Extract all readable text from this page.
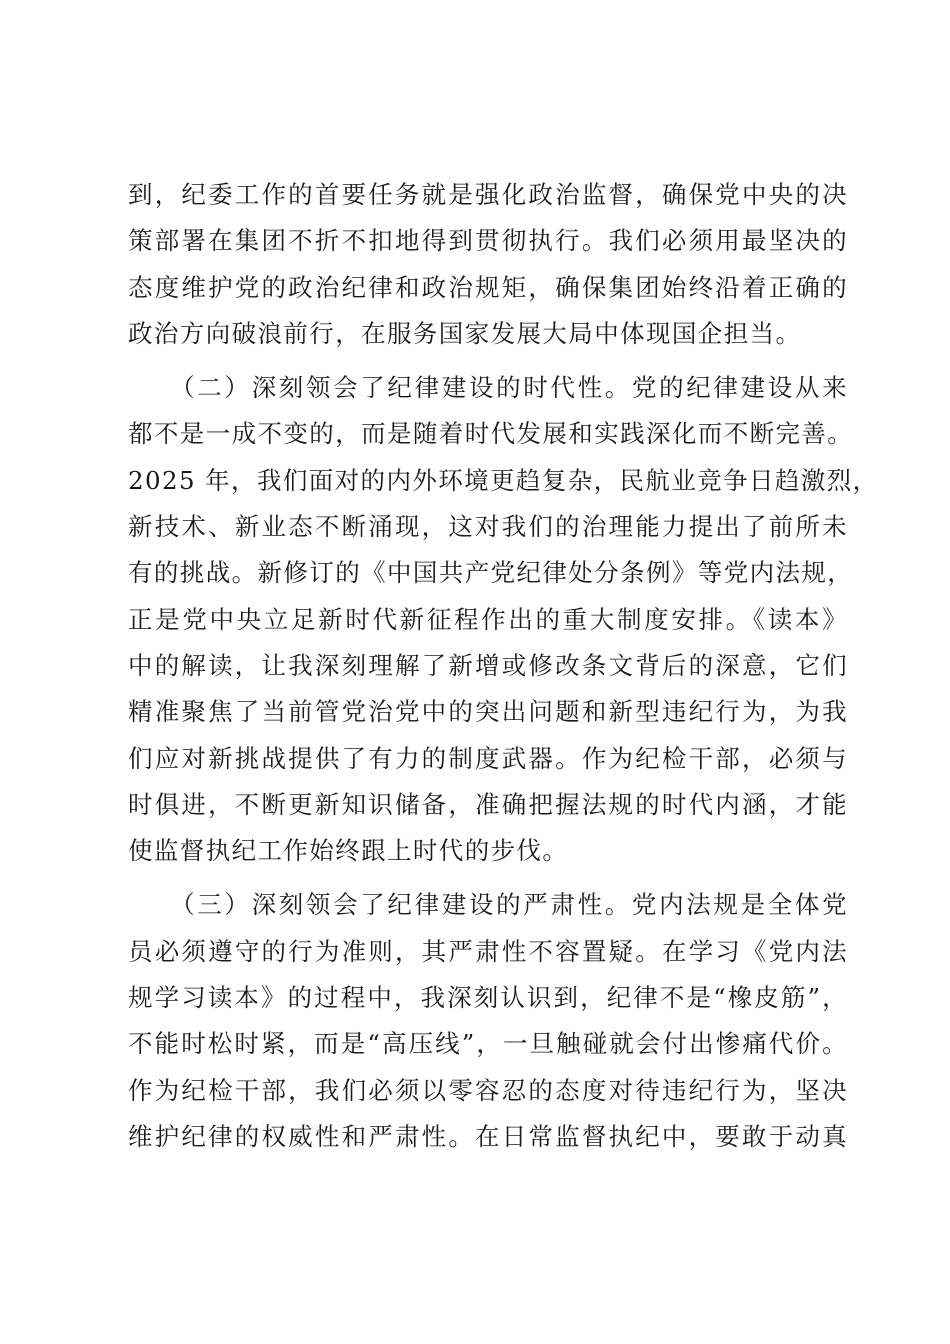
到，纪委工作的首要任务就是强化政治监督，确保党中央的决
策部署在集团不折不扣地得到贯彻执行。我们必须用最坚决的
态度维护党的政治纪律和政治规矩，确保集团始终沿着正确的
政治方向破浪前行，在服务国家发展大局中体现国企担当。
　　（二）深刻领会了纪律建设的时代性。党的纪律建设从来
都不是一成不变的，而是随着时代发展和实践深化而不断完善。
2025 年，我们面对的内外环境更趋复杂，民航业竞争日趋激烈，
新技术、新业态不断涌现，这对我们的治理能力提出了前所未
有的挑战。新修订的《中国共产党纪律处分条例》等党内法规，
正是党中央立足新时代新征程作出的重大制度安排。《读本》
中的解读，让我深刻理解了新增或修改条文背后的深意，它们
精准聚焦了当前管党治党中的突出问题和新型违纪行为，为我
们应对新挑战提供了有力的制度武器。作为纪检干部，必须与
时俱进，不断更新知识储备，准确把握法规的时代内涵，才能
使监督执纪工作始终跟上时代的步伐。
　　（三）深刻领会了纪律建设的严肃性。党内法规是全体党
员必须遵守的行为准则，其严肃性不容置疑。在学习《党内法
规学习读本》的过程中，我深刻认识到，纪律不是“橡皮筋”，
不能时松时紧，而是“高压线”，一旦触碰就会付出惨痛代价。
作为纪检干部，我们必须以零容忍的态度对待违纪行为，坚决
维护纪律的权威性和严肃性。在日常监督执纪中，要敢于动真
